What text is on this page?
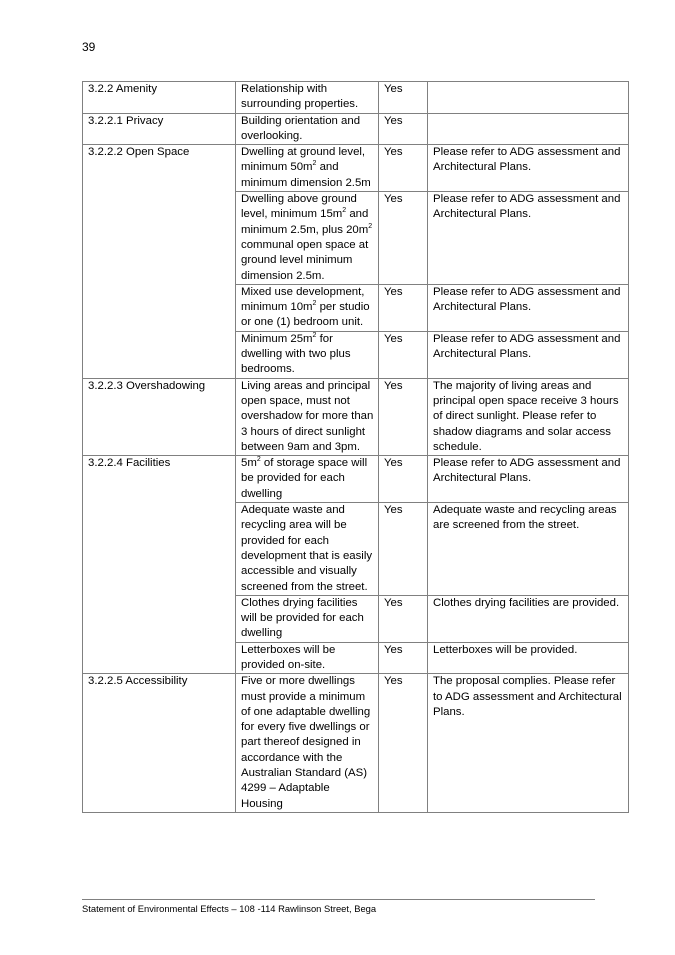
39
3.2.2 Amenity	Relationship with surrounding properties.	Yes	
3.2.2.1 Privacy	Building orientation and overlooking.	Yes	
3.2.2.2 Open Space	Dwelling at ground level, minimum $50m^2$ and minimum dimension 2.5m	Yes	Please refer to ADG assessment and Architectural Plans.
	Dwelling above ground level, minimum $15m^2$ and minimum 2.5m, plus $20m^2$ communal open space at ground level minimum dimension 2.5m.	Yes	Please refer to ADG assessment and Architectural Plans.
	Mixed use development, minimum $10m^2$ per studio or one (1) bedroom unit.	Yes	Please refer to ADG assessment and Architectural Plans.
	Minimum $25m^2$ for dwelling with two plus bedrooms.	Yes	Please refer to ADG assessment and Architectural Plans.
3.2.2.3 Overshadowing	Living areas and principal open space, must not overshadow for more than 3 hours of direct sunlight between 9am and 3pm.	Yes	The majority of living areas and principal open space receive 3 hours of direct sunlight. Please refer to shadow diagrams and solar access schedule.
3.2.2.4 Facilities	$5m^2$ of storage space will be provided for each dwelling	Yes	Please refer to ADG assessment and Architectural Plans.
	Adequate waste and recycling area will be provided for each development that is easily accessible and visually screened from the street.	Yes	Adequate waste and recycling areas are screened from the street.
	Clothes drying facilities will be provided for each dwelling	Yes	Clothes drying facilities are provided.
	Letterboxes will be provided on-site.	Yes	Letterboxes will be provided.
3.2.2.5 Accessibility	Five or more dwellings must provide a minimum of one adaptable dwelling for every five dwellings or part thereof designed in accordance with the Australian Standard (AS) 4299 – Adaptable Housing	Yes	The proposal complies. Please refer to ADG assessment and Architectural Plans.
Statement of Environmental Effects – 108 -114 Rawlinson Street, Bega
